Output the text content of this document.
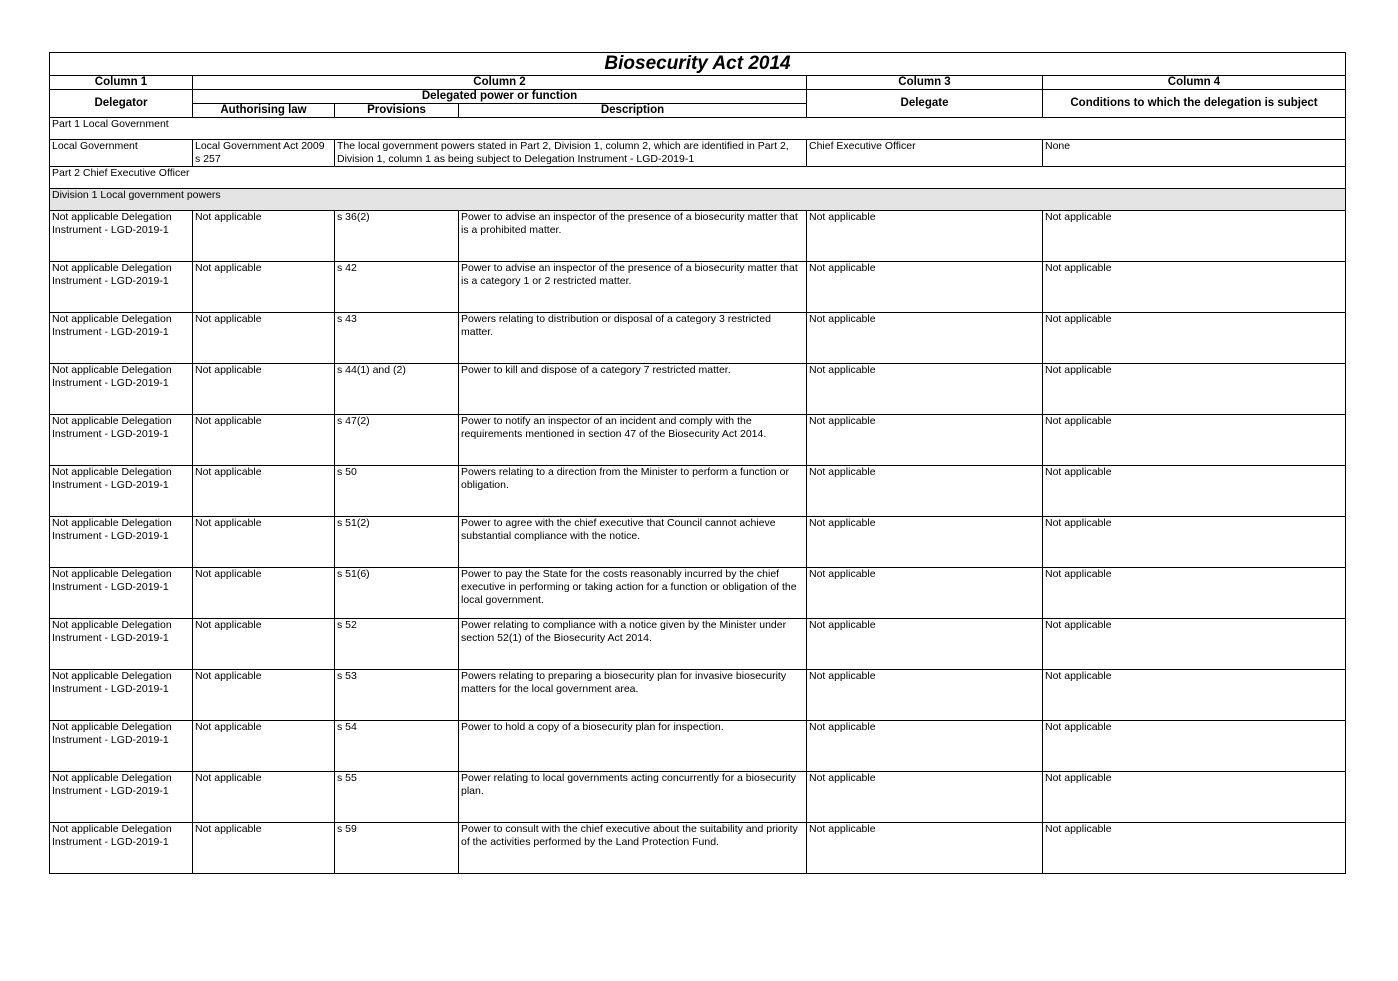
Biosecurity Act 2014					
Column 1	Column 2			Column 3	Column 4
Delegator	Delegated power or function			Delegate	Conditions to which the delegation is subject
	Authorising law	Provisions	Description		
Part 1 Local Government					
Local Government	Local Government Act 2009 s 257	The local government powers stated in Part 2, Division 1, column 2, which are identified in Part 2, Division 1, column 1 as being subject to Delegation Instrument - LGD-2019-1		Chief Executive Officer	None
Part 2 Chief Executive Officer					
Division 1 Local government powers					
Not applicable Delegation Instrument - LGD-2019-1	Not applicable	s 36(2)	Power to advise an inspector of the presence of a biosecurity matter that is a prohibited matter.	Not applicable	Not applicable
Not applicable Delegation Instrument - LGD-2019-1	Not applicable	s 42	Power to advise an inspector of the presence of a biosecurity matter that is a category 1 or 2 restricted matter.	Not applicable	Not applicable
Not applicable Delegation Instrument - LGD-2019-1	Not applicable	s 43	Powers relating to distribution or disposal of a category 3 restricted matter.	Not applicable	Not applicable
Not applicable Delegation Instrument - LGD-2019-1	Not applicable	s 44(1) and (2)	Power to kill and dispose of a category 7 restricted matter.	Not applicable	Not applicable
Not applicable Delegation Instrument - LGD-2019-1	Not applicable	s 47(2)	Power to notify an inspector of an incident and comply with the requirements mentioned in section 47 of the Biosecurity Act 2014.	Not applicable	Not applicable
Not applicable Delegation Instrument - LGD-2019-1	Not applicable	s 50	Powers relating to a direction from the Minister to perform a function or obligation.	Not applicable	Not applicable
Not applicable Delegation Instrument - LGD-2019-1	Not applicable	s 51(2)	Power to agree with the chief executive that Council cannot achieve substantial compliance with the notice.	Not applicable	Not applicable
Not applicable Delegation Instrument - LGD-2019-1	Not applicable	s 51(6)	Power to pay the State for the costs reasonably incurred by the chief executive in performing or taking action for a function or obligation of the local government.	Not applicable	Not applicable
Not applicable Delegation Instrument - LGD-2019-1	Not applicable	s 52	Power relating to compliance with a notice given by the Minister under section 52(1) of the Biosecurity Act 2014.	Not applicable	Not applicable
Not applicable Delegation Instrument - LGD-2019-1	Not applicable	s 53	Powers relating to preparing a biosecurity plan for invasive biosecurity matters for the local government area.	Not applicable	Not applicable
Not applicable Delegation Instrument - LGD-2019-1	Not applicable	s 54	Power to hold a copy of a biosecurity plan for inspection.	Not applicable	Not applicable
Not applicable Delegation Instrument - LGD-2019-1	Not applicable	s 55	Power relating to local governments acting concurrently for a biosecurity plan.	Not applicable	Not applicable
Not applicable Delegation Instrument - LGD-2019-1	Not applicable	s 59	Power to consult with the chief executive about the suitability and priority of the activities performed by the Land Protection Fund.	Not applicable	Not applicable
